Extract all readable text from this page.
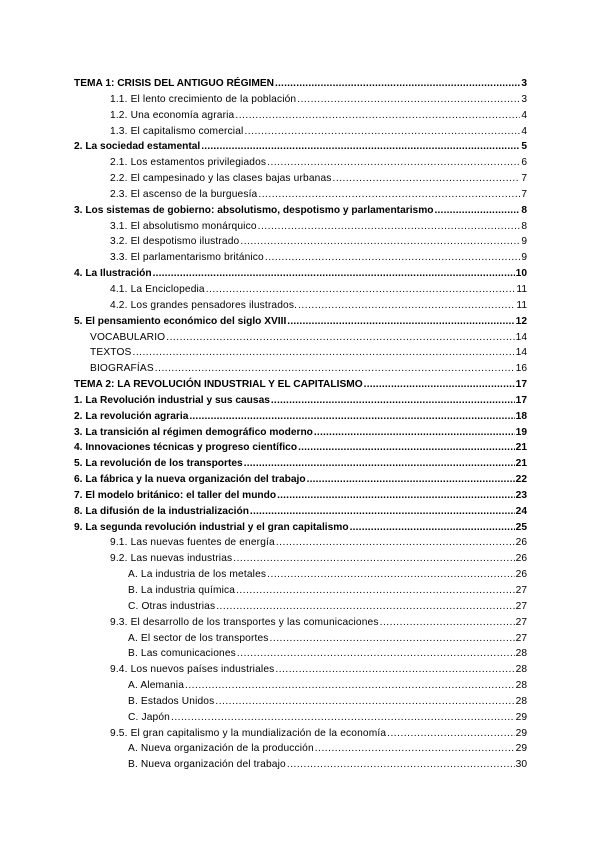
TEMA 1: CRISIS DEL ANTIGUO RÉGIMEN .....	3
1.1. El lento crecimiento de la población .....	3
1.2. Una economía agraria .....	4
1.3. El capitalismo comercial .....	4
2. La sociedad estamental .....	5
2.1. Los estamentos privilegiados .....	6
2.2. El campesinado y las clases bajas urbanas .....	7
2.3. El ascenso de la burguesía .....	7
3. Los sistemas de gobierno: absolutismo, despotismo y parlamentarismo .....	8
3.1. El absolutismo monárquico .....	8
3.2. El despotismo ilustrado .....	9
3.3. El parlamentarismo británico .....	9
4. La Ilustración .....	10
4.1. La Enciclopedia .....	11
4.2. Los grandes pensadores ilustrados. .....	11
5. El pensamiento económico del siglo XVIII .....	12
VOCABULARIO .....	14
TEXTOS .....	14
BIOGRAFÍAS .....	16
TEMA 2: LA REVOLUCIÓN INDUSTRIAL Y EL CAPITALISMO .....	17
1. La Revolución industrial y sus causas .....	17
2. La revolución agraria .....	18
3. La transición al régimen demográfico moderno .....	19
4. Innovaciones técnicas y progreso científico .....	21
5. La revolución de los transportes .....	21
6. La fábrica y la nueva organización del trabajo .....	22
7. El modelo británico: el taller del mundo .....	23
8. La difusión de la industrialización .....	24
9. La segunda revolución industrial y el gran capitalismo .....	25
9.1. Las nuevas fuentes de energía .....	26
9.2. Las nuevas industrias .....	26
A. La industria de los metales .....	26
B. La industria química .....	27
C. Otras industrias .....	27
9.3. El desarrollo de los transportes y las comunicaciones .....	27
A. El sector de los transportes .....	27
B. Las comunicaciones .....	28
9.4. Los nuevos países industriales .....	28
A. Alemania .....	28
B. Estados Unidos .....	28
C. Japón .....	29
9.5. El gran capitalismo y la mundialización de la economía .....	29
A. Nueva organización de la producción .....	29
B. Nueva organización del trabajo .....	30
